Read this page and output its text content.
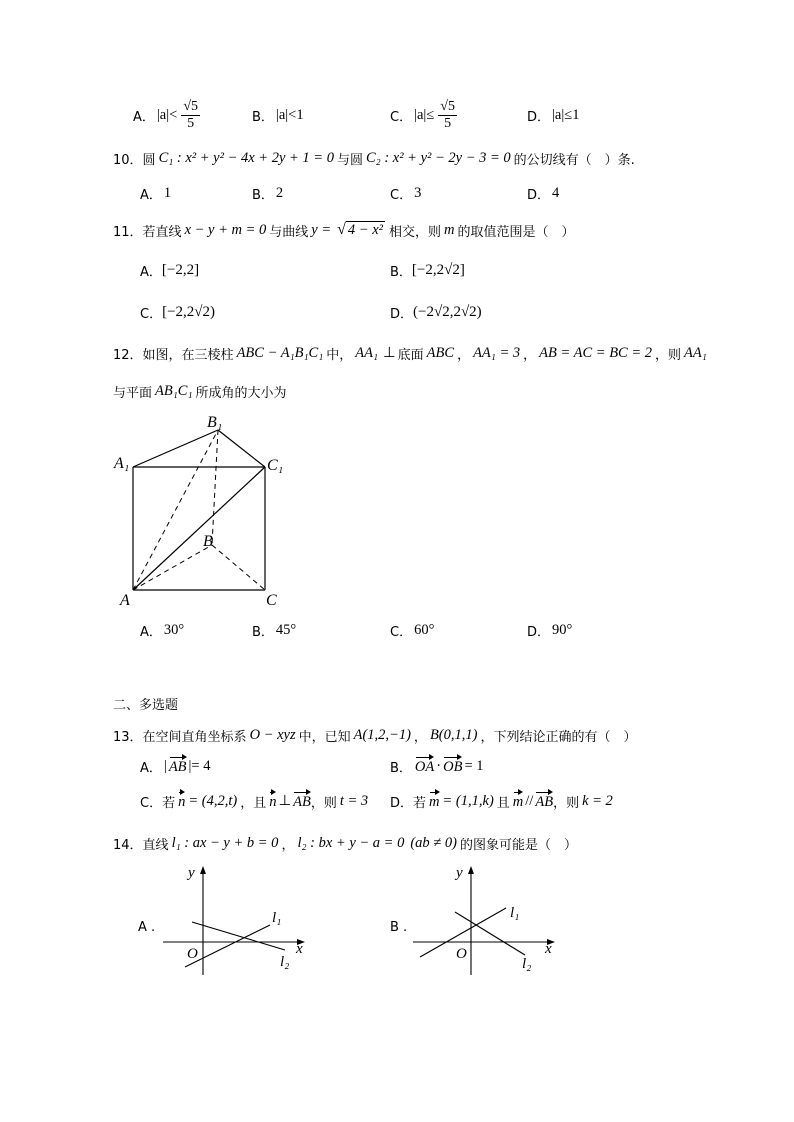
A． $|a|< \frac{√5}{5}$	B． |a|<1	C． $|a|\le \frac{√5}{5}$	D． |a|≤1
10． 圆 C₁ : x² + y² − 4x + 2y + 1 = 0 与圆 C₂ : x² + y² − 2y − 3 = 0 的公切线有（　）条.
A． 1	B． 2	C． 3	D． 4
11． 若直线 x − y + m = 0 与曲线 y = √ 4 − x² 相交，则 m 的取值范围是（　）
A． [−2,2]	B． [−2,2√2]
C． [−2,2√2)	D． (−2√2,2√2)
12． 如图，在三棱柱 ABC − A₁B₁C₁ 中， AA₁ ⊥ 底面 ABC ， AA₁ = 3 ， AB = AC = BC = 2 ，则 AA₁
与平面 AB₁C₁ 所成角的大小为
B₁
A₁	C₁
B
A	C
A． 30°	B． 45°	C． 60°	D． 90°
二、多选题
13． 在空间直角坐标系 O − xyz 中，已知 A(1,2,−1) ， B(0,1,1) ，下列结论正确的有（　）
A． | AB |= 4	B． OA · OB = 1
C． 若 n = (4,2,t) ，且 n ⊥ AB ，则 t = 3 D． 若 m = (1,1,k) 且 m // AB ，则 k = 2
14． 直线 l₁ : ax − y + b = 0 ， l₂ : bx + y − a = 0 (ab ≠ 0) 的图象可能是（　）
A .
y
x
O
l₁
l₂
B .
y
x
O
l₁
l₂
